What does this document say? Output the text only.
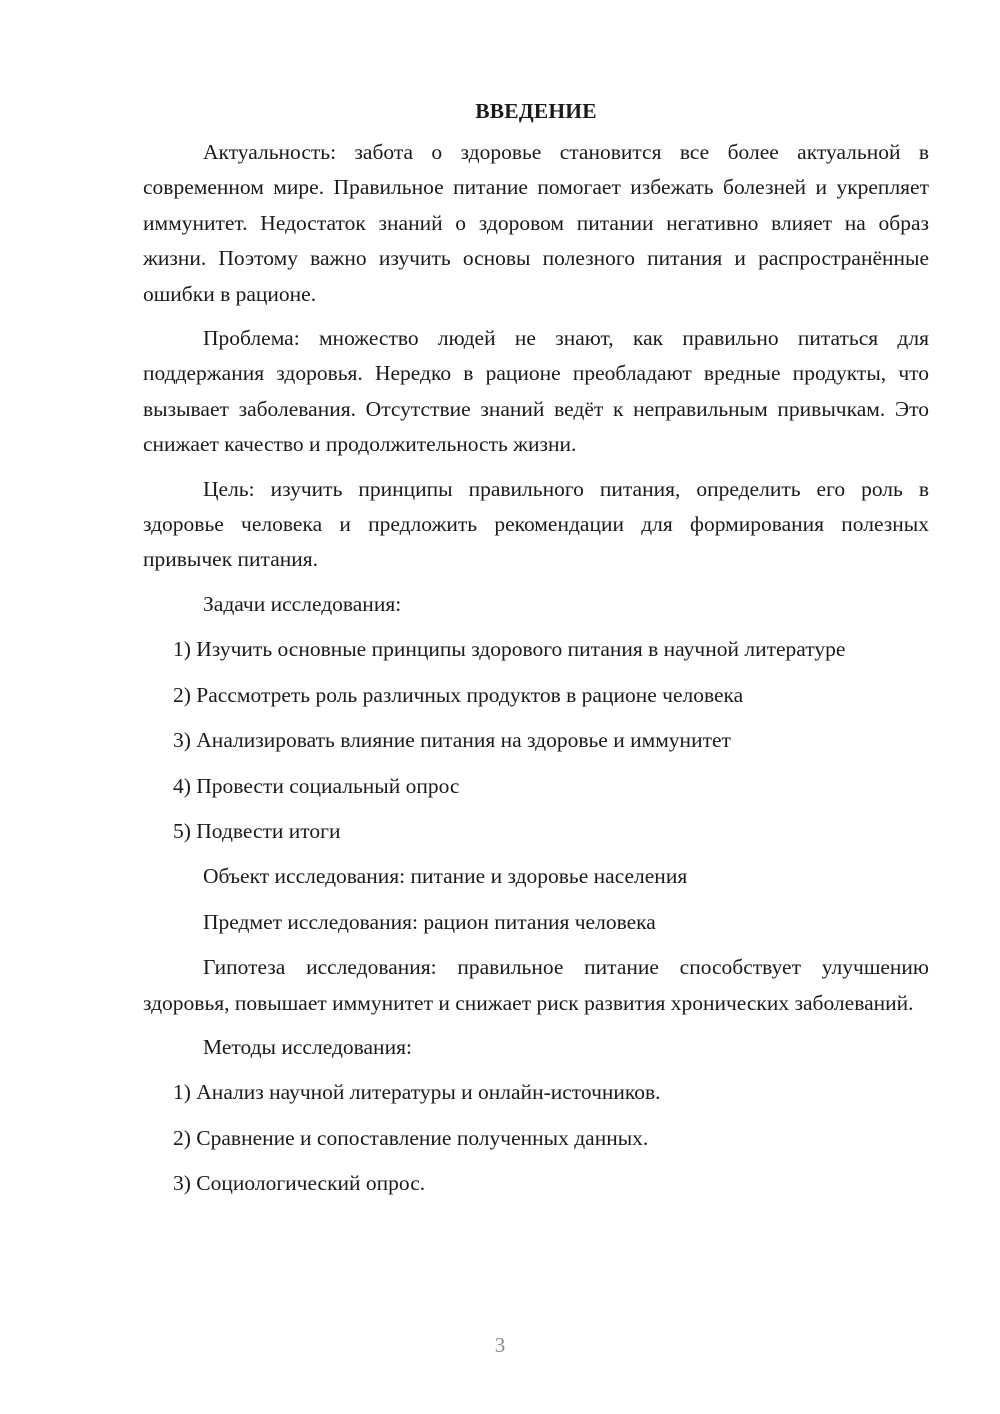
ВВЕДЕНИЕ

Актуальность: забота о здоровье становится все более актуальной в современном мире. Правильное питание помогает избежать болезней и укрепляет иммунитет. Недостаток знаний о здоровом питании негативно влияет на образ жизни. Поэтому важно изучить основы полезного питания и распространённые ошибки в рационе.

Проблема: множество людей не знают, как правильно питаться для поддержания здоровья. Нередко в рационе преобладают вредные продукты, что вызывает заболевания. Отсутствие знаний ведёт к неправильным привычкам. Это снижает качество и продолжительность жизни.

Цель: изучить принципы правильного питания, определить его роль в здоровье человека и предложить рекомендации для формирования полезных привычек питания.

Задачи исследования:

1) Изучить основные принципы здорового питания в научной литературе

2) Рассмотреть роль различных продуктов в рационе человека

3) Анализировать влияние питания на здоровье и иммунитет

4) Провести социальный опрос

5) Подвести итоги

Объект исследования: питание и здоровье населения

Предмет исследования: рацион питания человека

Гипотеза исследования: правильное питание способствует улучшению здоровья, повышает иммунитет и снижает риск развития хронических заболеваний.

Методы исследования:

1) Анализ научной литературы и онлайн-источников.

2) Сравнение и сопоставление полученных данных.

3) Социологический опрос.

3
